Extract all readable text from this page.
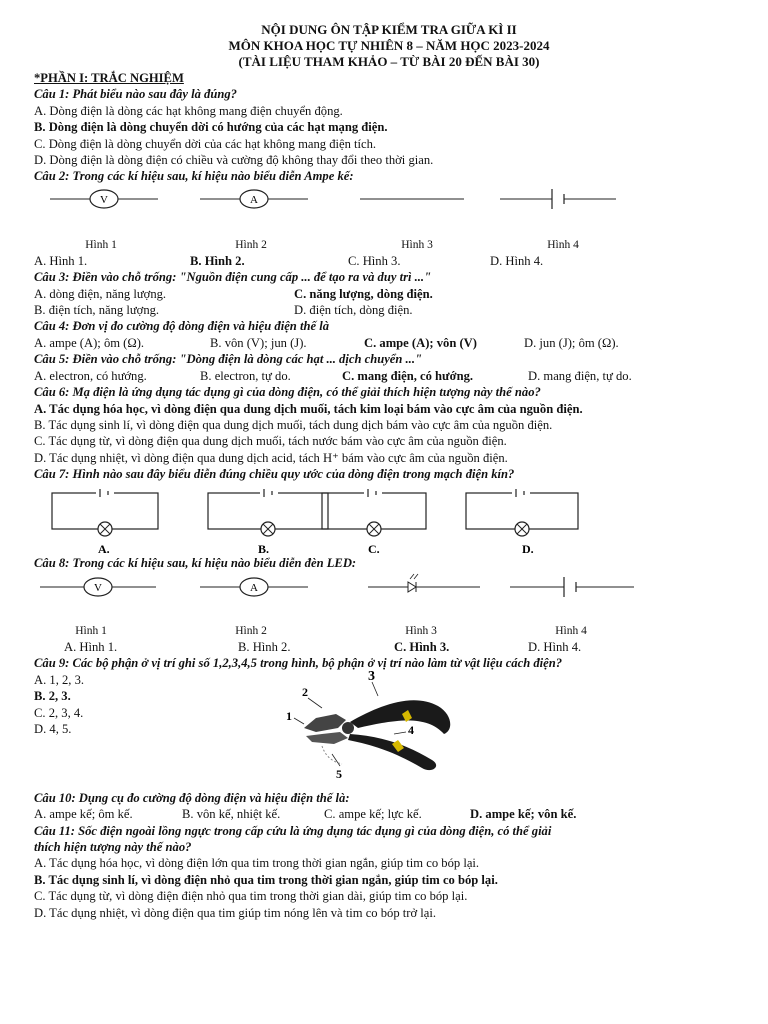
NỘI DUNG ÔN TẬP KIỂM TRA GIỮA KÌ II
MÔN KHOA HỌC TỰ NHIÊN 8 – NĂM HỌC 2023-2024
(TÀI LIỆU THAM KHẢO – TỪ BÀI 20 ĐẾN BÀI 30)
*PHẦN I: TRẮC NGHIỆM
Câu 1: Phát biểu nào sau đây là đúng?
A. Dòng điện là dòng các hạt không mang điện chuyển động.
B. Dòng điện là dòng chuyển dời có hướng của các hạt mạng điện.
C. Dòng điện là dòng chuyển dời của các hạt không mang điện tích.
D. Dòng điện là dòng điện có chiều và cường độ không thay đổi theo thời gian.
Câu 2: Trong các kí hiệu sau, kí hiệu nào biểu diễn Ampe kế:
V	A
Hình 1	Hình 2	Hình 3	Hình 4
A. Hình 1.	B. Hình 2.	C. Hình 3.	D. Hình 4.
Câu 3: Điền vào chỗ trống: "Nguồn điện cung cấp ... để tạo ra và duy trì ..."
A. dòng điện, năng lượng.	C. năng lượng, dòng điện.
B. điện tích, năng lượng.	D. điện tích, dòng điện.
Câu 4: Đơn vị đo cường độ dòng điện và hiệu điện thế là
A. ampe (A); ôm (Ω).	B. vôn (V); jun (J).	C. ampe (A); vôn (V)	D. jun (J); ôm (Ω).
Câu 5: Điền vào chỗ trống: "Dòng điện là dòng các hạt ... dịch chuyển ..."
A. electron, có hướng.	B. electron, tự do.	C. mang điện, có hướng.	D. mang điện, tự do.
Câu 6: Mạ điện là ứng dụng tác dụng gì của dòng điện, có thể giải thích hiện tượng này thế nào?
A. Tác dụng hóa học, vì dòng điện qua dung dịch muối, tách kim loại bám vào cực âm của nguồn điện.
B. Tác dụng sinh lí, vì dòng điện qua dung dịch muối, tách dung dịch bám vào cực âm của nguồn điện.
C. Tác dụng từ, vì dòng điện qua dung dịch muối, tách nước bám vào cực âm của nguồn điện.
D. Tác dụng nhiệt, vì dòng điện qua dung dịch acid, tách H⁺ bám vào cực âm của nguồn điện.
Câu 7: Hình nào sau đây biểu diễn đúng chiều quy ước của dòng điện trong mạch điện kín?
A.	B.	C.	D.
Câu 8: Trong các kí hiệu sau, kí hiệu nào biểu diễn đèn LED:
V	A
Hình 1	Hình 2	Hình 3	Hình 4
A. Hình 1.	B. Hình 2.	C. Hình 3.	D. Hình 4.
Câu 9: Các bộ phận ở vị trí ghi số 1,2,3,4,5 trong hình, bộ phận ở vị trí nào làm từ vật liệu cách điện?
A. 1, 2, 3.
B. 2, 3.
C. 2, 3, 4.
D. 4, 5.
3
2
1
4
5
Câu 10: Dụng cụ đo cường độ dòng điện và hiệu điện thế là:
A. ampe kế; ôm kế.	B. vôn kế, nhiệt kế.	C. ampe kế; lực kế.	D. ampe kế; vôn kế.
Câu 11: Sốc điện ngoài lồng ngực trong cấp cứu là ứng dụng tác dụng gì của dòng điện, có thể giải
thích hiện tượng này thế nào?
A. Tác dụng hóa học, vì dòng điện lớn qua tim trong thời gian ngắn, giúp tim co bóp lại.
B. Tác dụng sinh lí, vì dòng điện nhỏ qua tim trong thời gian ngắn, giúp tim co bóp lại.
C. Tác dụng từ, vì dòng điện điện nhỏ qua tim trong thời gian dài, giúp tim co bóp lại.
D. Tác dụng nhiệt, vì dòng điện qua tim giúp tim nóng lên và tim co bóp trở lại.
